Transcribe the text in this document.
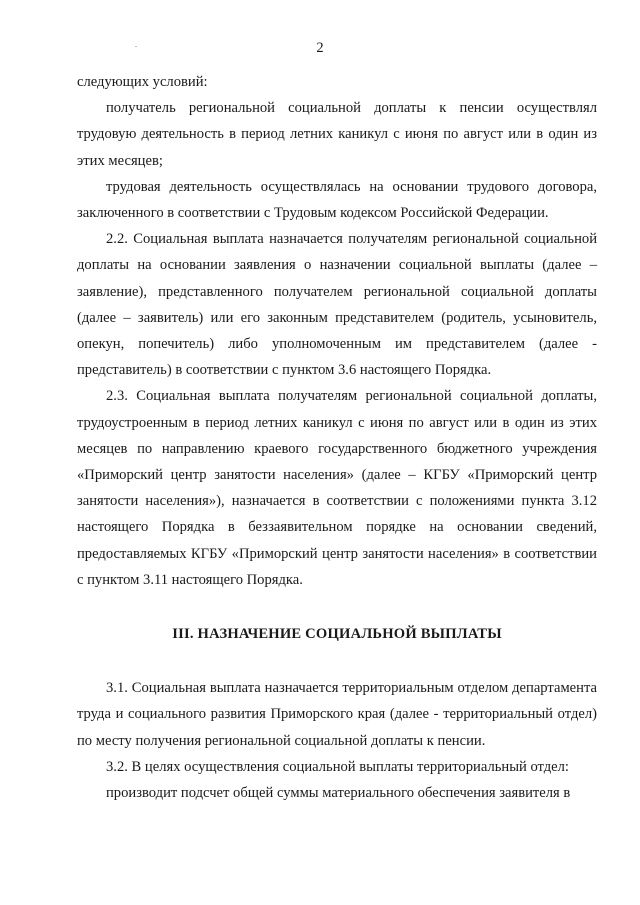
2

следующих условий:

получатель региональной социальной доплаты к пенсии осуществлял трудовую деятельность в период летних каникул с июня по август или в один из этих месяцев;

трудовая деятельность осуществлялась на основании трудового договора, заключенного в соответствии с Трудовым кодексом Российской Федерации.

2.2. Социальная выплата назначается получателям региональной социальной доплаты на основании заявления о назначении социальной выплаты (далее – заявление), представленного получателем региональной социальной доплаты (далее – заявитель) или его законным представителем (родитель, усыновитель, опекун, попечитель) либо уполномоченным им представителем (далее - представитель) в соответствии с пунктом 3.6 настоящего Порядка.

2.3. Социальная выплата получателям региональной социальной доплаты, трудоустроенным в период летних каникул с июня по август или в один из этих месяцев по направлению краевого государственного бюджетного учреждения «Приморский центр занятости населения» (далее – КГБУ «Приморский центр занятости населения»), назначается в соответствии с положениями пункта 3.12 настоящего Порядка в беззаявительном порядке на основании сведений, предоставляемых КГБУ «Приморский центр занятости населения» в соответствии с пунктом 3.11 настоящего Порядка.

III. НАЗНАЧЕНИЕ СОЦИАЛЬНОЙ ВЫПЛАТЫ

3.1. Социальная выплата назначается территориальным отделом департамента труда и социального развития Приморского края (далее - территориальный отдел) по месту получения региональной социальной доплаты к пенсии.

3.2. В целях осуществления социальной выплаты территориальный отдел:

производит подсчет общей суммы материального обеспечения заявителя в
